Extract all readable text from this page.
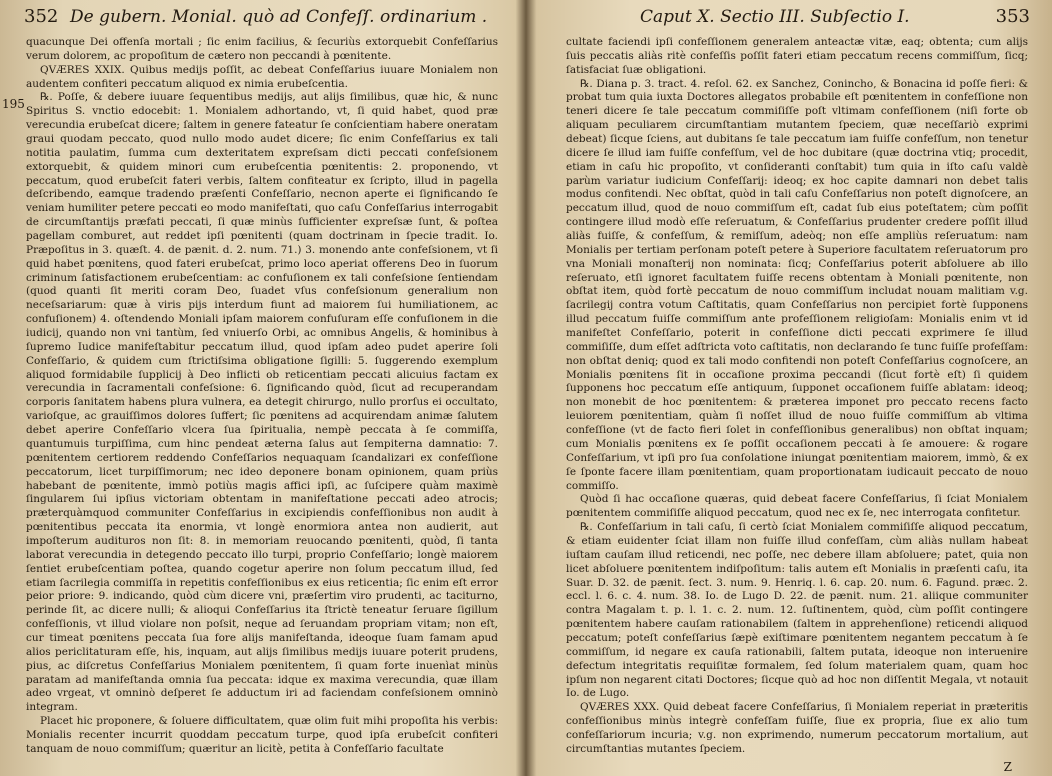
352 De gubern. Monial. quò ad Confeſſ. ordinarium .
195

quacunque Dei offenſa mortali ; ſic enim facilius, & ſecuriùs extorquebit Confeſſarius verum dolorem, ac propoſitum de cætero non peccandi à pœnitente.

QVÆRES XXIX. Quibus medijs poſſit, ac debeat Confeſſarius iuuare Monialem non audentem confiteri peccatum aliquod ex nimia erubeſcentia.

℞. Poſſe, & debere iuuare ſequentibus medijs, aut alijs ſimilibus, quæ hic, & nunc Spiritus S. vnctio edocebit: 1. Monialem adhortando, vt, ſi quid habet, quod præ verecundia erubeſcat dicere; ſaltem in genere fateatur ſe conſcientiam habere oneratam graui quodam peccato, quod nullo modo audet dicere; ſic enim Confeſſarius ex tali notitia paulatim, ſumma cum dexteritatem expreſsam dicti peccati confeſsionem extorquebit, & quidem minori cum erubeſcentia pœnitentis: 2. proponendo, vt peccatum, quod erubeſcit fateri verbis, ſaltem confiteatur ex ſcripto, illud in pagella deſcribendo, eamque tradendo præſenti Confeſſario, necnon aperte ei ſignificando ſe veniam humiliter petere peccati eo modo manifeſtati, quo caſu Confeſſarius interrogabit de circumſtantijs præfati peccati, ſi quæ minùs ſufficienter expreſsæ ſunt, & poſtea pagellam comburet, aut reddet ipſi pœnitenti (quam doctrinam in ſpecie tradit. Io. Præpoſitus in 3. quæſt. 4. de pænit. d. 2. num. 71.) 3. monendo ante confeſsionem, vt ſi quid habet pœnitens, quod fateri erubeſcat, primo loco aperiat offerens Deo in ſuorum criminum ſatisfactionem erubeſcentiam: ac confuſionem ex tali confeſsione ſentiendam (quod quanti ſit meriti coram Deo, ſuadet vſus confeſsionum generalium non neceſsariarum: quæ à viris pijs interdum fiunt ad maiorem ſui humiliationem, ac confuſionem) 4. oſtendendo Moniali ipſam maiorem confuſuram eſſe confuſionem in die iudicij, quando non vni tantùm, ſed vniuerſo Orbi, ac omnibus Angelis, & hominibus à ſupremo Iudice manifeſtabitur peccatum illud, quod ipſam adeo pudet aperire ſoli Confeſſario, & quidem cum ſtrictiſsima obligatione ſigilli: 5. ſuggerendo exemplum aliquod formidabile ſupplicij à Deo inflicti ob reticentiam peccati alicuius factam ex verecundia in ſacramentali confeſsione: 6. ſignificando quòd, ſicut ad recuperandam corporis ſanitatem habens plura vulnera, ea detegit chirurgo, nullo prorſus ei occultato, varioſque, ac grauiſſimos dolores ſuffert; ſic pœnitens ad acquirendam animæ ſalutem debet aperire Confeſſario vlcera ſua ſpiritualia, nempè peccata à ſe commiſſa, quantumuis turpiſſima, cum hinc pendeat æterna ſalus aut ſempiterna damnatio: 7. pœnitentem certiorem reddendo Confeſſarios nequaquam ſcandalizari ex confeſſione peccatorum, licet turpiſſimorum; nec ideo deponere bonam opinionem, quam priùs habebant de pœnitente, immò potiùs magis affici ipſi, ac ſuſcipere quàm maximè ſingularem ſui ipſius victoriam obtentam in manifeſtatione peccati adeo atrocis; præterquàmquod communiter Confeſſarius in excipiendis confeſſionibus non audit à pœnitentibus peccata ita enormia, vt longè enormiora antea non audierit, aut impoſterum audituros non ſit: 8. in memoriam reuocando pœnitenti, quòd, ſi tanta laborat verecundia in detegendo peccato illo turpi, proprio Confeſſario; longè maiorem ſentiet erubeſcentiam poſtea, quando cogetur aperire non ſolum peccatum illud, ſed etiam ſacrilegia commiſſa in repetitis confeſſionibus ex eius reticentia; ſic enim eſt error peior priore: 9. indicando, quòd cùm dicere vni, præſertim viro prudenti, ac taciturno, perinde ſit, ac dicere nulli; & alioqui Confeſſarius ita ſtrictè teneatur ſeruare ſigillum confeſſionis, vt illud violare non poſsit, neque ad ſeruandam propriam vitam; non eſt, cur timeat pœnitens peccata ſua fore alijs manifeſtanda, ideoque ſuam famam apud alios periclitaturam eſſe, his, inquam, aut alijs ſimilibus medijs iuuare poterit prudens, pius, ac diſcretus Confeſſarius Monialem pœnitentem, ſi quam forte inuenìat minùs paratam ad manifeſtanda omnia ſua peccata: idque ex maxima verecundia, quæ illam adeo vrgeat, vt omninò deſperet ſe adductum iri ad faciendam confeſsionem omninò integram.

Placet hic proponere, & ſoluere difficultatem, quæ olim fuit mihi propoſita his verbis: Monialis recenter incurrit quoddam peccatum turpe, quod ipſa erubeſcit confiteri tanquam de nouo commiſſum; quæritur an licitè, petita à Confeſſario facultate

Caput X. Sectio III. Subſectio I.	353

cultate faciendi ipſi confeſſionem generalem anteactæ vitæ, eaq; obtenta; cum alijs ſuis peccatis aliàs ritè confeſſis poſſit fateri etiam peccatum recens commiſſum, ſicq; ſatisfaciat ſuæ obligationi.

℞. Diana p. 3. tract. 4. reſol. 62. ex Sanchez, Coninchо, & Bonacina id poſſe fieri: & probat tum quia iuxta Doctores allegatos probabile eſt pœnitentem in confeſſione non teneri dicere ſe tale peccatum commiſiſſe poſt vltimam confeſſionem (niſi forte ob aliquam peculiarem circumſtantiam mutantem ſpeciem, quæ neceſſariò exprimi debeat) ſicque ſciens, aut dubitans ſe tale peccatum iam fuiſſe confeſſum, non tenetur dicere ſe illud iam fuiſſe confeſſum, vel de hoc dubitare (quæ doctrina vtiq; procedit, etiam in caſu hic propoſito, vt conſideranti conſtabit) tum quia in iſto caſu valdè parùm variatur iudicium Confeſſarij: ideoq; ex hoc capite damnari non debet talis modus confitendi. Nec obſtat, quòd in tali caſu Confeſſarius non poteſt dignoſcere, an peccatum illud, quod de nouo commiſſum eſt, cadat ſub eius poteſtatem; cùm poſſit contingere illud modò eſſe reſeruatum, & Confeſſarius prudenter credere poſſit illud aliàs fuiſſe, & confeſſum, & remiſſum, adeòq; non eſſe ampliùs reſeruatum: nam Monialis per tertiam perſonam poteſt petere à Superiore facultatem reſeruatorum pro vna Moniali monaſterij non nominata: ſicq; Confeſſarius poterit abſoluere ab illo reſeruato, etſi ignoret facultatem fuiſſe recens obtentam à Moniali pœnitente, non obſtat item, quòd fortè peccatum de nouo commiſſum includat nouam malitiam v.g. ſacrilegij contra votum Caſtitatis, quam Confeſſarius non percipiet fortè ſupponens illud peccatum fuiſſe commiſſum ante profeſſionem religioſam: Monialis enim vt id manifeſtet Confeſſario, poterit in confeſſione dicti peccati exprimere ſe illud commiſiſſe, dum eſſet adſtricta voto caſtitatis, non declarando ſe tunc fuiſſe profeſſam: non obſtat deniq; quod ex tali modo confitendi non poteſt Confeſſarius cognoſcere, an Monialis pœnitens ſit in occaſione proxima peccandi (ſicut fortè eſt) ſi quidem ſupponens hoc peccatum eſſe antiquum, ſupponet occaſionem fuiſſe ablatam: ideoq; non monebit de hoc pœnitentem: & præterea imponet pro peccato recens facto leuiorem pœnitentiam, quàm ſi noſſet illud de nouo fuiſſe commiſſum ab vltima confeſſione (vt de facto fieri ſolet in confeſſionibus generalibus) non obſtat inquam; cum Monialis pœnitens ex ſe poſſit occaſionem peccati à ſe amouere: & rogare Confeſſarium, vt ipſi pro ſua conſolatione iniungat pœnitentiam maiorem, immò, & ex ſe ſponte facere illam pœnitentiam, quam proportionatam iudicauit peccato de nouo commiſſo.

Quòd ſi hac occaſione quæras, quid debeat facere Confeſſarius, ſi ſciat Monialem pœnitentem commiſiſſe aliquod peccatum, quod nec ex ſe, nec interrogata confitetur.

℞. Confeſſarium in tali caſu, ſi certò ſciat Monialem commiſiſſe aliquod peccatum, & etiam euidenter ſciat illam non fuiſſe illud confeſſam, cùm aliàs nullam habeat iuſtam cauſam illud reticendi, nec poſſe, nec debere illam abſoluere; patet, quia non licet abſoluere pœnitentem indiſpoſitum: talis autem eſt Monialis in præſenti caſu, ita Suar. D. 32. de pænit. ſect. 3. num. 9. Henriq. l. 6. cap. 20. num. 6. Fagund. præc. 2. eccl. l. 6. c. 4. num. 38. Io. de Lugo D. 22. de pænit. num. 21. aliique communiter contra Magalam t. p. l. 1. c. 2. num. 12. ſuſtinentem, quòd, cùm poſſit contingere pœnitentem habere cauſam rationabilem (ſaltem in apprehenſione) reticendi aliquod peccatum; poteſt confeſſarius ſæpè exiſtimare pœnitentem negantem peccatum à ſe commiſſum, id negare ex cauſa rationabili, ſaltem putata, ideoque non interuenire defectum integritatis requiſitæ formalem, ſed ſolum materialem quam, quam hoc ipſum non negarent citati Doctores; ſicque quò ad hoc non diſſentit Megala, vt notauit Io. de Lugo.

QVÆRES XXX. Quid debeat facere Confeſſarius, ſi Monialem reperiat in præteritis confeſſionibus minùs integrè confeſſam fuiſſe, ſiue ex propria, ſiue ex alio tum confeſſariorum incuria; v.g. non exprimendo, numerum peccatorum mortalium, aut circumſtantias mutantes ſpeciem.

Z
